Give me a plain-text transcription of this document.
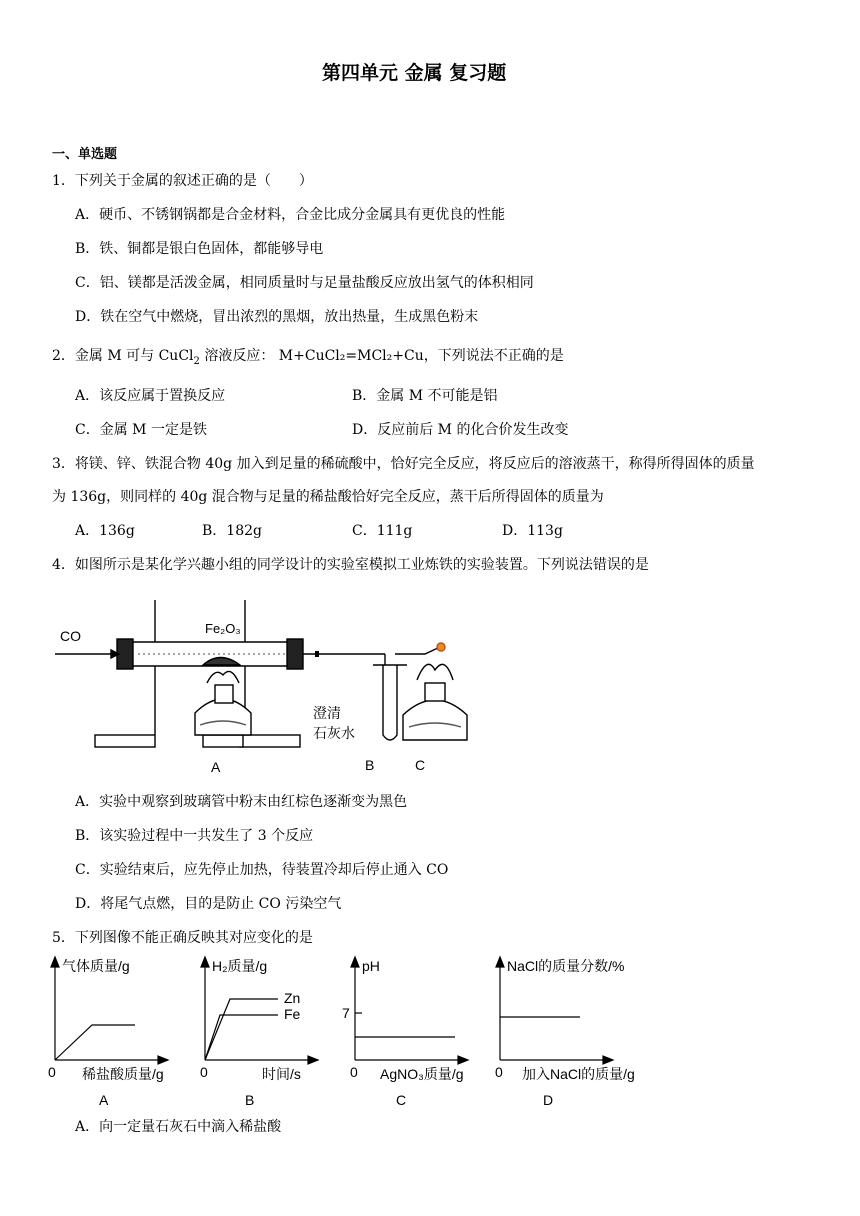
第四单元 金属 复习题
一、单选题
1．下列关于金属的叙述正确的是（　　）
A．硬币、不锈钢锅都是合金材料，合金比成分金属具有更优良的性能
B．铁、铜都是银白色固体，都能够导电
C．铝、镁都是活泼金属，相同质量时与足量盐酸反应放出氢气的体积相同
D．铁在空气中燃烧，冒出浓烈的黑烟，放出热量，生成黑色粉末
2．金属 M 可与 CuCl$_2$ 溶液反应： M+CuCl₂=MCl₂+Cu，下列说法不正确的是
A．该反应属于置换反应	B．金属 M 不可能是铝
C．金属 M 一定是铁	D．反应前后 M 的化合价发生改变
3．将镁、锌、铁混合物 40g 加入到足量的稀硫酸中，恰好完全反应，将反应后的溶液蒸干，称得所得固体的质量
为 136g，则同样的 40g 混合物与足量的稀盐酸恰好完全反应，蒸干后所得固体的质量为
A．136g	B．182g	C．111g	D．113g
4．如图所示是某化学兴趣小组的同学设计的实验室模拟工业炼铁的实验装置。下列说法错误的是
CO	Fe₂O₃
澄清
石灰水
A	B	C
A．实验中观察到玻璃管中粉末由红棕色逐渐变为黑色
B．该实验过程中一共发生了 3 个反应
C．实验结束后，应先停止加热，待装置冷却后停止通入 CO
D．将尾气点燃，目的是防止 CO 污染空气
5．下列图像不能正确反映其对应变化的是
气体质量/g
0 稀盐酸质量/g
A
H₂质量/g
Zn
Fe
0	时间/s
B
pH
7
0 AgNO₃质量/g
C
NaCl的质量分数/%
0 加入NaCl的质量/g
D
A．向一定量石灰石中滴入稀盐酸
